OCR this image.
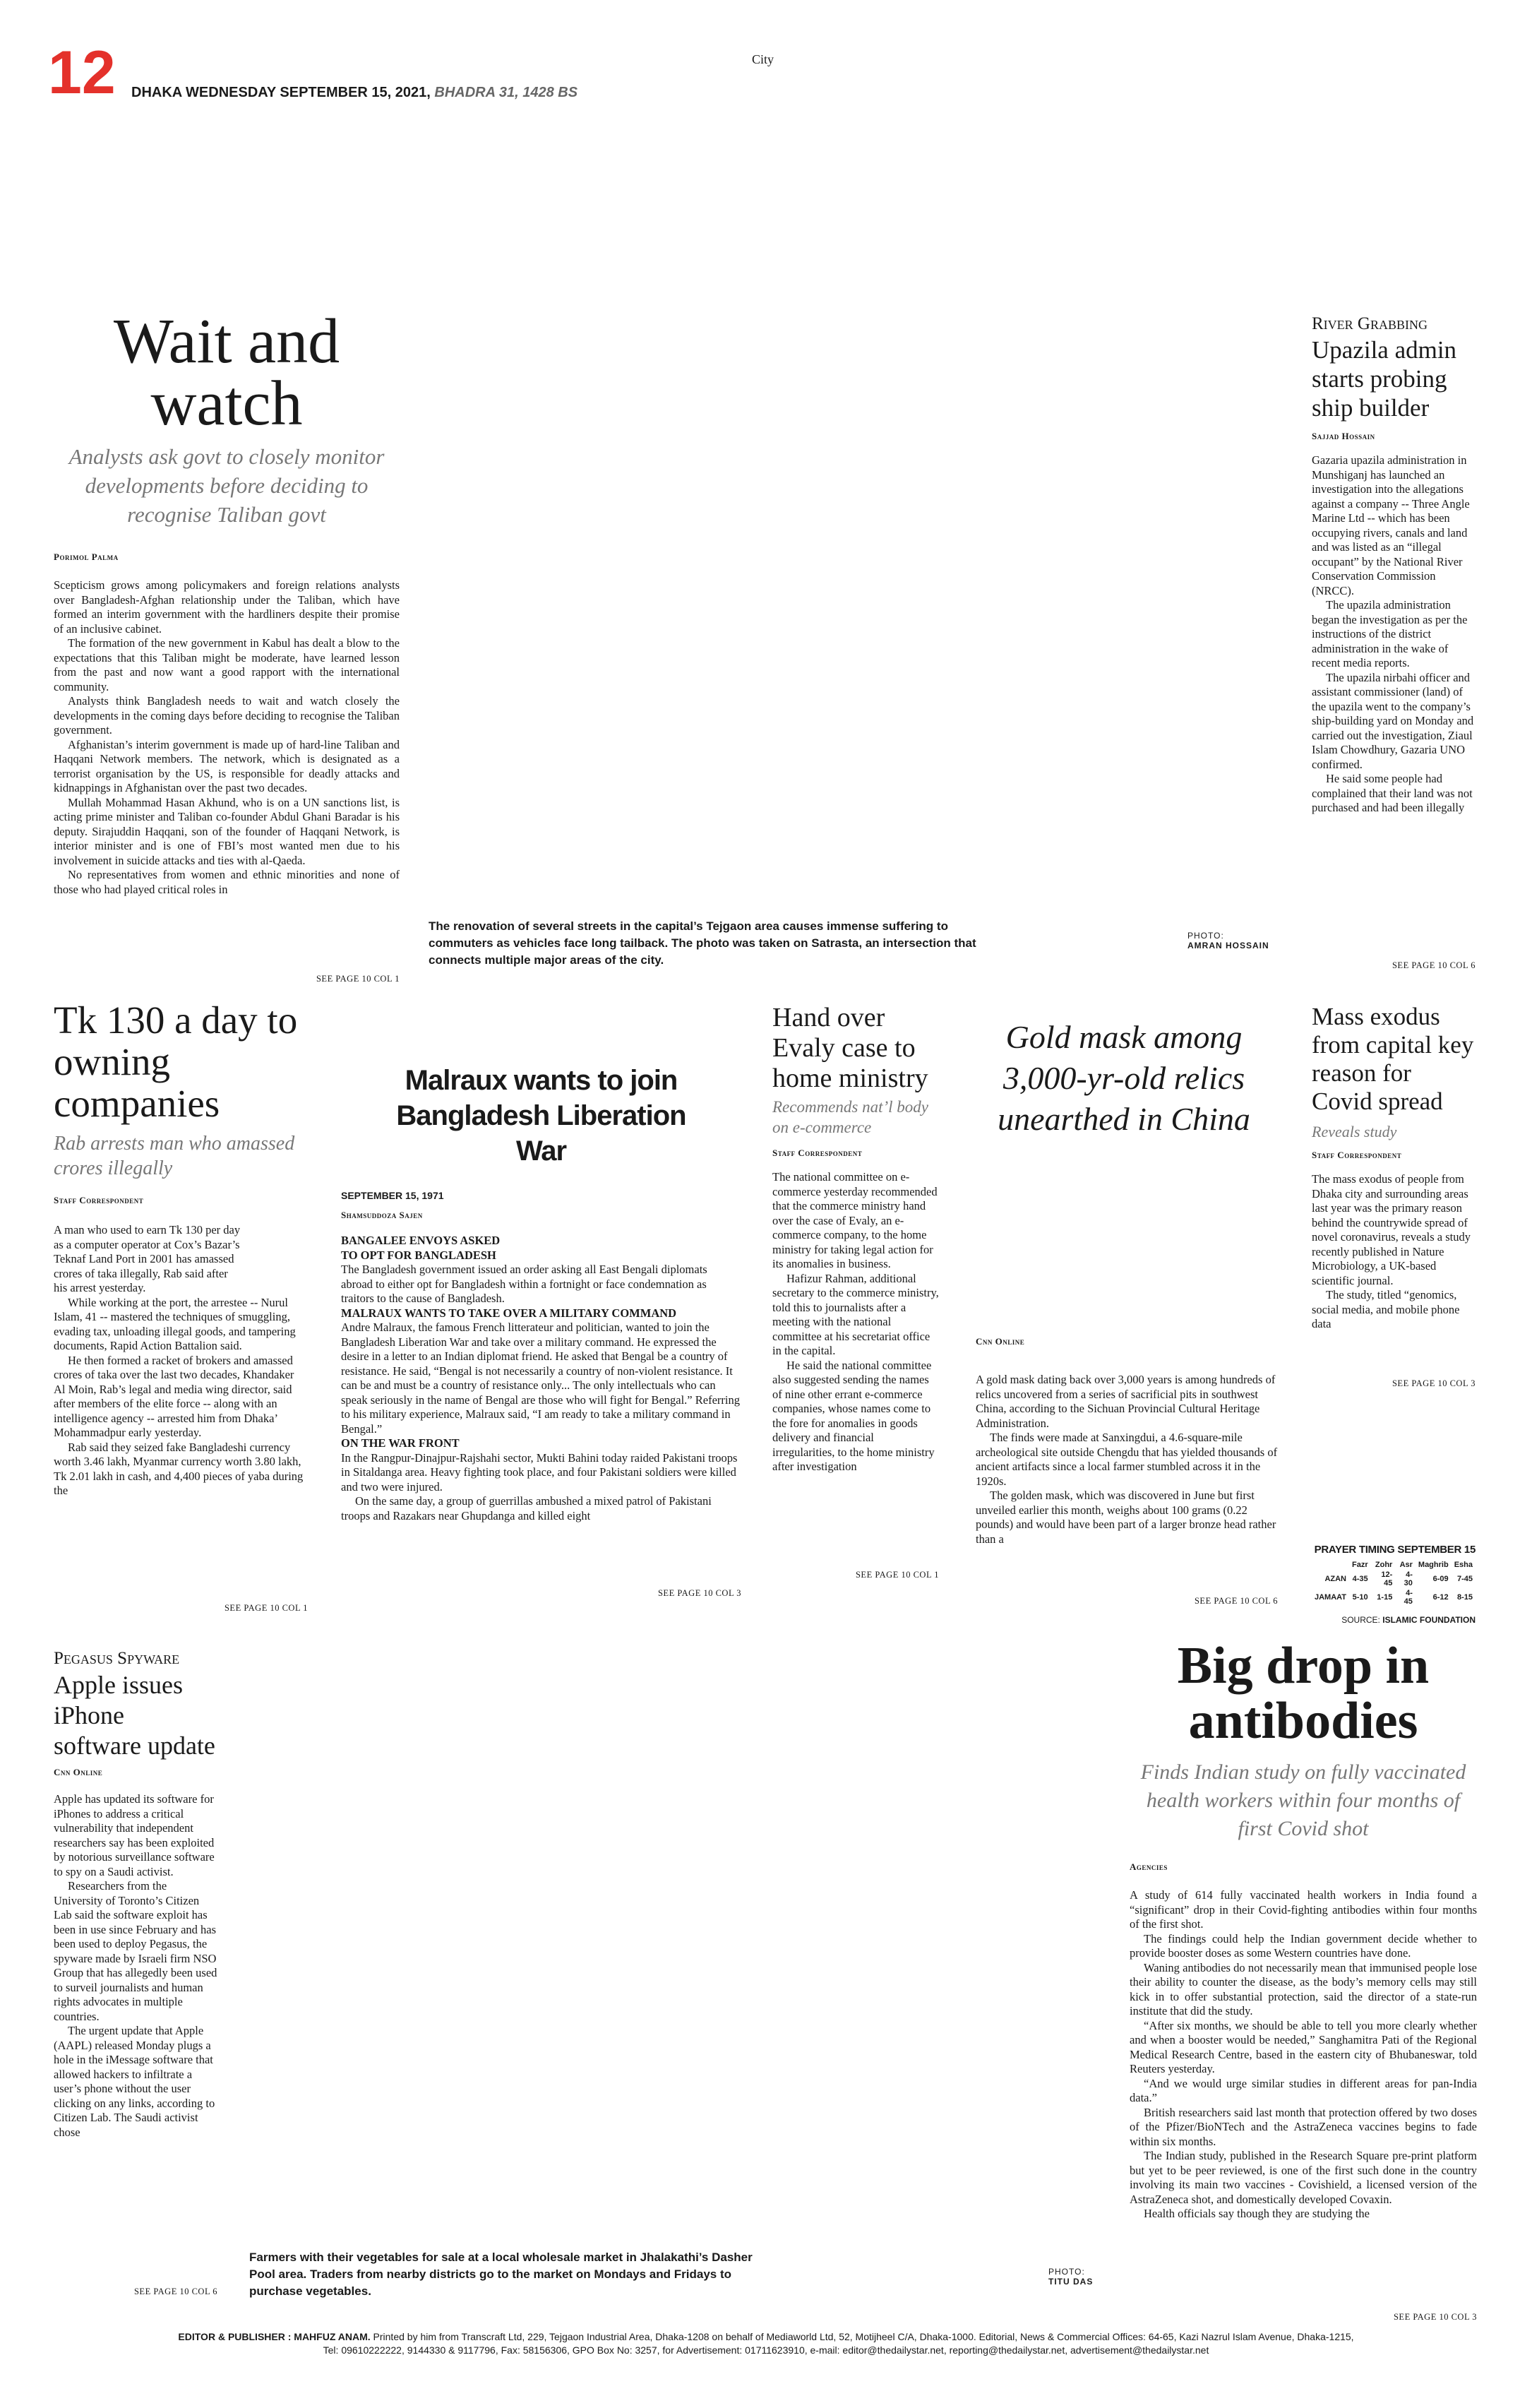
12 DHAKA WEDNESDAY SEPTEMBER 15, 2021, BHADRA 31, 1428 BS
City
Wait and watch
Analysts ask govt to closely monitor developments before deciding to recognise Taliban govt
Porimol Palma

Scepticism grows among policymakers and foreign relations analysts over Bangladesh-Afghan relationship under the Taliban, which have formed an interim government with the hardliners despite their promise of an inclusive cabinet.

The formation of the new government in Kabul has dealt a blow to the expectations that this Taliban might be moderate, have learned lesson from the past and now want a good rapport with the international community.

Analysts think Bangladesh needs to wait and watch closely the developments in the coming days before deciding to recognise the Taliban government.

Afghanistan’s interim government is made up of hard-line Taliban and Haqqani Network members. The network, which is designated as a terrorist organisation by the US, is responsible for deadly attacks and kidnappings in Afghanistan over the past two decades.

Mullah Mohammad Hasan Akhund, who is on a UN sanctions list, is acting prime minister and Taliban co-founder Abdul Ghani Baradar is his deputy. Sirajuddin Haqqani, son of the founder of Haqqani Network, is interior minister and is one of FBI’s most wanted men due to his involvement in suicide attacks and ties with al-Qaeda.

No representatives from women and ethnic minorities and none of those who had played critical roles in

SEE PAGE 10 COL 1
The renovation of several streets in the capital’s Tejgaon area causes immense suffering to commuters as vehicles face long tailback. The photo was taken on Satrasta, an intersection that connects multiple major areas of the city.
PHOTO:
AMRAN HOSSAIN
River Grabbing
Upazila admin starts probing ship builder
Sajjad Hossain

Gazaria upazila administration in Munshiganj has launched an investigation into the allegations against a company -- Three Angle Marine Ltd -- which has been occupying rivers, canals and land and was listed as an “illegal occupant” by the National River Conservation Commission (NRCC).

The upazila administration began the investigation as per the instructions of the district administration in the wake of recent media reports.

The upazila nirbahi officer and assistant commissioner (land) of the upazila went to the company’s ship-building yard on Monday and carried out the investigation, Ziaul Islam Chowdhury, Gazaria UNO confirmed.

He said some people had complained that their land was not purchased and had been illegally

SEE PAGE 10 COL 6
Tk 130 a day to owning companies
Rab arrests man who amassed crores illegally
Staff Correspondent

A man who used to earn Tk 130 per day as a computer operator at Cox’s Bazar’s Teknaf Land Port in 2001 has amassed crores of taka illegally, Rab said after his arrest yesterday.

While working at the port, the arrestee -- Nurul Islam, 41 -- mastered the techniques of smuggling, evading tax, unloading illegal goods, and tampering documents, Rapid Action Battalion said.

He then formed a racket of brokers and amassed crores of taka over the last two decades, Khandaker Al Moin, Rab’s legal and media wing director, said after members of the elite force -- along with an intelligence agency -- arrested him from Dhaka’ Mohammadpur early yesterday.

Rab said they seized fake Bangladeshi currency worth 3.46 lakh, Myanmar currency worth 3.80 lakh, Tk 2.01 lakh in cash, and 4,400 pieces of yaba during the

SEE PAGE 10 COL 1
Malraux wants to join Bangladesh Liberation War
SEPTEMBER 15, 1971
Shamsuddoza Sajen
BANGALEE ENVOYS ASKED TO OPT FOR BANGLADESH

The Bangladesh government issued an order asking all East Bengali diplomats abroad to either opt for Bangladesh within a fortnight or face condemnation as traitors to the cause of Bangladesh.

MALRAUX WANTS TO TAKE OVER A MILITARY COMMAND

Andre Malraux, the famous French litterateur and politician, wanted to join the Bangladesh Liberation War and take over a military command. He expressed the desire in a letter to an Indian diplomat friend. He asked that Bengal be a country of resistance. He said, “Bengal is not necessarily a country of non-violent resistance. It can be and must be a country of resistance only... The only intellectuals who can speak seriously in the name of Bengal are those who will fight for Bengal.” Referring to his military experience, Malraux said, “I am ready to take a military command in Bengal.”

ON THE WAR FRONT

In the Rangpur-Dinajpur-Rajshahi sector, Mukti Bahini today raided Pakistani troops in Sitaldanga area. Heavy fighting took place, and four Pakistani soldiers were killed and two were injured.

On the same day, a group of guerrillas ambushed a mixed patrol of Pakistani troops and Razakars near Ghupdanga and killed eight

SEE PAGE 10 COL 3
Hand over Evaly case to home ministry
Recommends nat’l body on e-commerce
Staff Correspondent

The national committee on e-commerce yesterday recommended that the commerce ministry hand over the case of Evaly, an e-commerce company, to the home ministry for taking legal action for its anomalies in business.

Hafizur Rahman, additional secretary to the commerce ministry, told this to journalists after a meeting with the national committee at his secretariat office in the capital.

He said the national committee also suggested sending the names of nine other errant e-commerce companies, whose names come to the fore for anomalies in goods delivery and financial irregularities, to the home ministry after investigation

SEE PAGE 10 COL 1
Gold mask among 3,000-yr-old relics unearthed in China
Cnn Online

A gold mask dating back over 3,000 years is among hundreds of relics uncovered from a series of sacrificial pits in southwest China, according to the Sichuan Provincial Cultural Heritage Administration.

The finds were made at Sanxingdui, a 4.6-square-mile archeological site outside Chengdu that has yielded thousands of ancient artifacts since a local farmer stumbled across it in the 1920s.

The golden mask, which was discovered in June but first unveiled earlier this month, weighs about 100 grams (0.22 pounds) and would have been part of a larger bronze head rather than a

SEE PAGE 10 COL 6
Mass exodus from capital key reason for Covid spread
Reveals study
Staff Correspondent

The mass exodus of people from Dhaka city and surrounding areas last year was the primary reason behind the countrywide spread of novel coronavirus, reveals a study recently published in Nature Microbiology, a UK-based scientific journal.

The study, titled “genomics, social media, and mobile phone data

SEE PAGE 10 COL 3
PRAYER TIMING SEPTEMBER 15
	Fazr	Zohr	Asr	Maghrib	Esha
AZAN	4-35	12-45	4-30	6-09	7-45
JAMAAT	5-10	1-15	4-45	6-12	8-15
SOURCE: ISLAMIC FOUNDATION
Pegasus Spyware
Apple issues iPhone software update
Cnn Online

Apple has updated its software for iPhones to address a critical vulnerability that independent researchers say has been exploited by notorious surveillance software to spy on a Saudi activist.

Researchers from the University of Toronto’s Citizen Lab said the software exploit has been in use since February and has been used to deploy Pegasus, the spyware made by Israeli firm NSO Group that has allegedly been used to surveil journalists and human rights advocates in multiple countries.

The urgent update that Apple (AAPL) released Monday plugs a hole in the iMessage software that allowed hackers to infiltrate a user’s phone without the user clicking on any links, according to Citizen Lab. The Saudi activist chose

SEE PAGE 10 COL 6
Farmers with their vegetables for sale at a local wholesale market in Jhalakathi’s Dasher Pool area. Traders from nearby districts go to the market on Mondays and Fridays to purchase vegetables.
PHOTO:
TITU DAS
Big drop in antibodies
Finds Indian study on fully vaccinated health workers within four months of first Covid shot
Agencies

A study of 614 fully vaccinated health workers in India found a “significant” drop in their Covid-fighting antibodies within four months of the first shot.

The findings could help the Indian government decide whether to provide booster doses as some Western countries have done.

Waning antibodies do not necessarily mean that immunised people lose their ability to counter the disease, as the body’s memory cells may still kick in to offer substantial protection, said the director of a state-run institute that did the study.

“After six months, we should be able to tell you more clearly whether and when a booster would be needed,” Sanghamitra Pati of the Regional Medical Research Centre, based in the eastern city of Bhubaneswar, told Reuters yesterday.

“And we would urge similar studies in different areas for pan-India data.”

British researchers said last month that protection offered by two doses of the Pfizer/BioNTech and the AstraZeneca vaccines begins to fade within six months.

The Indian study, published in the Research Square pre-print platform but yet to be peer reviewed, is one of the first such done in the country involving its main two vaccines - Covishield, a licensed version of the AstraZeneca shot, and domestically developed Covaxin.

Health officials say though they are studying the

SEE PAGE 10 COL 3
EDITOR & PUBLISHER : MAHFUZ ANAM. Printed by him from Transcraft Ltd, 229, Tejgaon Industrial Area, Dhaka-1208 on behalf of Mediaworld Ltd, 52, Motijheel C/A, Dhaka-1000. Editorial, News & Commercial Offices: 64-65, Kazi Nazrul Islam Avenue, Dhaka-1215,
Tel: 09610222222, 9144330 & 9117796, Fax: 58156306, GPO Box No: 3257, for Advertisement: 01711623910, e-mail: editor@thedailystar.net, reporting@thedailystar.net, advertisement@thedailystar.net
